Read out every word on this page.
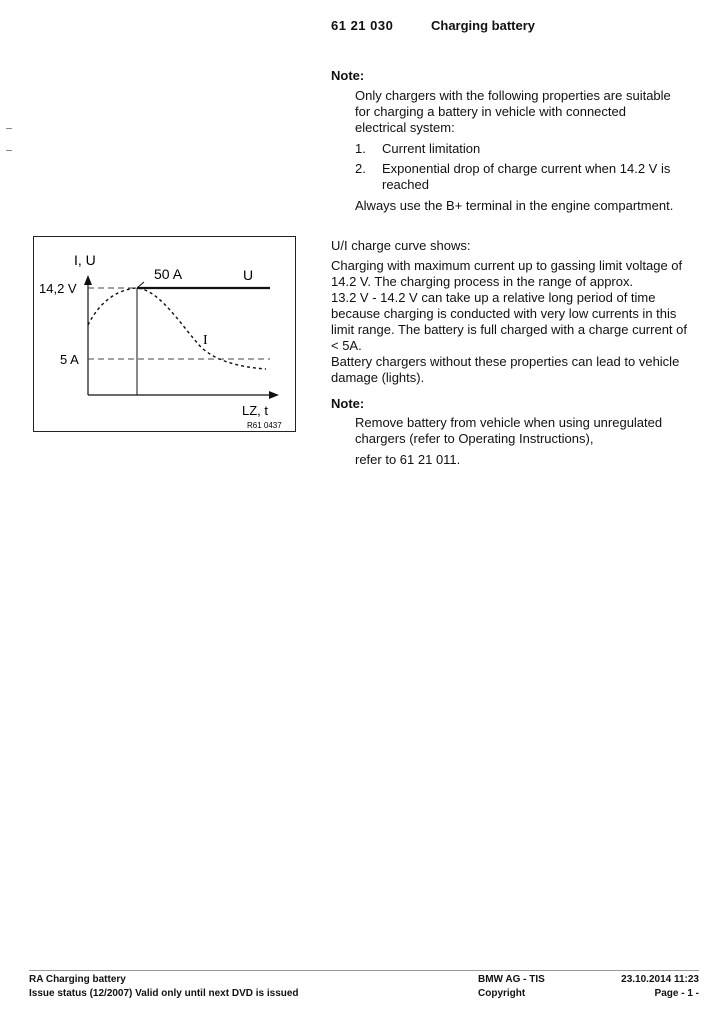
61 21 030	Charging battery
Note:
Only chargers with the following properties are suitable
for charging a battery in vehicle with connected
electrical system:
1. Current limitation
2. Exponential drop of charge current when 14.2 V is
reached
Always use the B+ terminal in the engine compartment.
I, U
14,2 V
5 A
50 A	U
I
LZ, t
R61 0437
U/I charge curve shows:
Charging with maximum current up to gassing limit voltage of
14.2 V. The charging process in the range of approx.
13.2 V - 14.2 V can take up a relative long period of time
because charging is conducted with very low currents in this
limit range. The battery is full charged with a charge current of
< 5A.
Battery chargers without these properties can lead to vehicle
damage (lights).
Note:
Remove battery from vehicle when using unregulated
chargers (refer to Operating Instructions),
refer to 61 21 011.
RA Charging battery
Issue status (12/2007) Valid only until next DVD is issued
BMW AG - TIS
Copyright
23.10.2014 11:23
Page - 1 -
